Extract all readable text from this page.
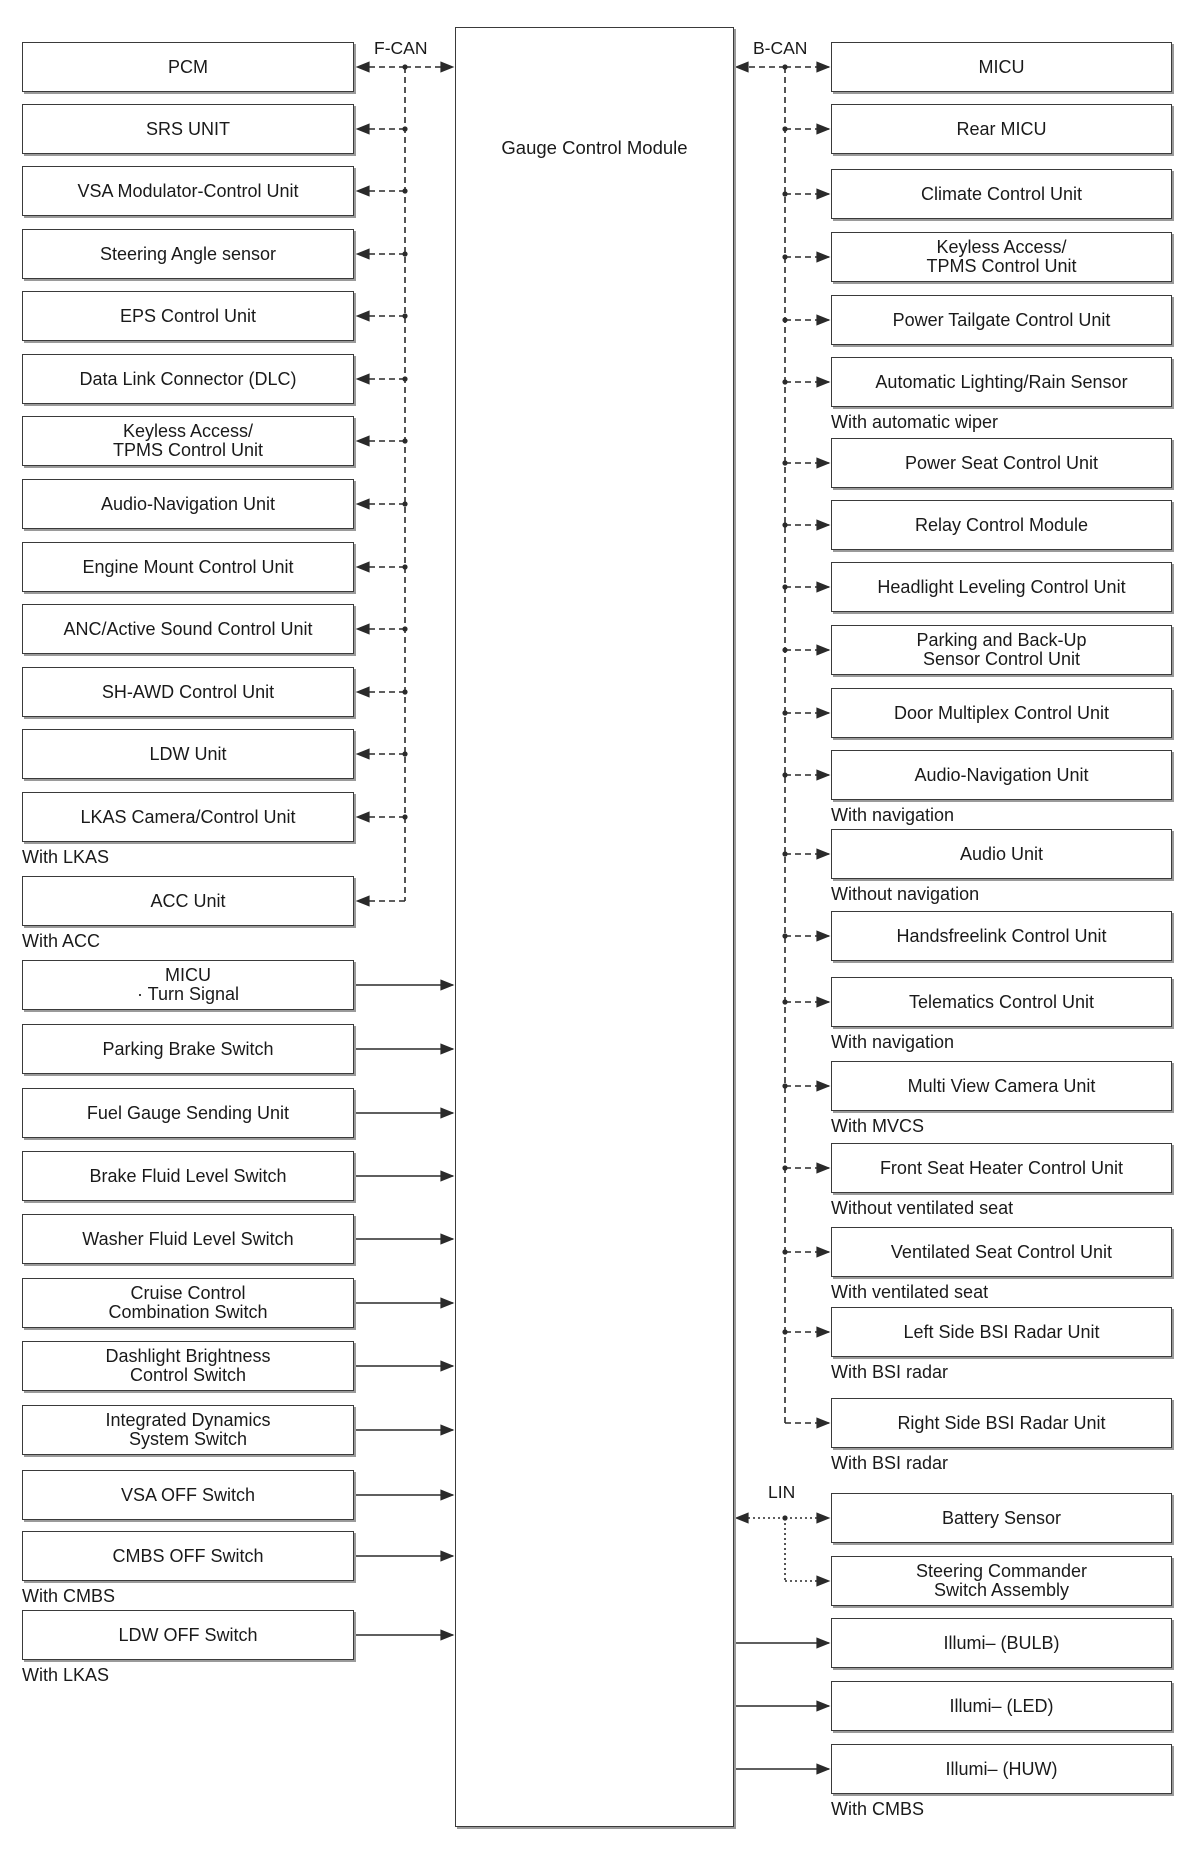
Gauge Control Module
F-CAN	B-CAN
LIN
PCM
SRS UNIT
VSA Modulator-Control Unit
Steering Angle sensor
EPS Control Unit
Data Link Connector (DLC)
Keyless Access/
TPMS Control Unit
Audio-Navigation Unit
Engine Mount Control Unit
ANC/Active Sound Control Unit
SH-AWD Control Unit
LDW Unit
LKAS Camera/Control Unit
With LKAS
ACC Unit
With ACC
MICU
· Turn Signal
Parking Brake Switch
Fuel Gauge Sending Unit
Brake Fluid Level Switch
Washer Fluid Level Switch
Cruise Control
Combination Switch
Dashlight Brightness
Control Switch
Integrated Dynamics
System Switch
VSA OFF Switch
CMBS OFF Switch
With CMBS
LDW OFF Switch
With LKAS
MICU
Rear MICU
Climate Control Unit
Keyless Access/
TPMS Control Unit
Power Tailgate Control Unit
Automatic Lighting/Rain Sensor
With automatic wiper
Power Seat Control Unit
Relay Control Module
Headlight Leveling Control Unit
Parking and Back-Up
Sensor Control Unit
Door Multiplex Control Unit
Audio-Navigation Unit
With navigation
Audio Unit
Without navigation
Handsfreelink Control Unit
Telematics Control Unit
With navigation
Multi View Camera Unit
With MVCS
Front Seat Heater Control Unit
Without ventilated seat
Ventilated Seat Control Unit
With ventilated seat
Left Side BSI Radar Unit
With BSI radar
Right Side BSI Radar Unit
With BSI radar
Battery Sensor
Steering Commander
Switch Assembly
Illumi– (BULB)
Illumi– (LED)
Illumi– (HUW)
With CMBS
